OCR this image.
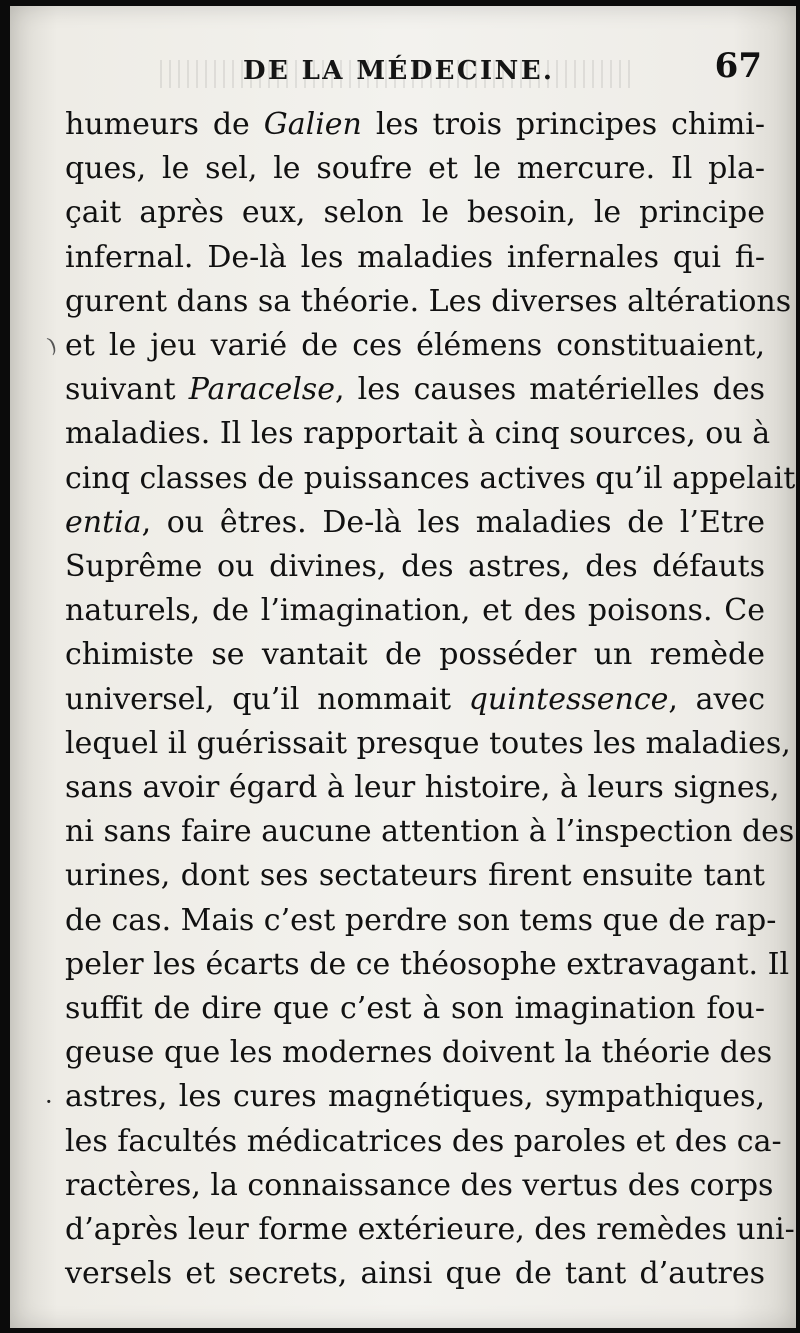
DE LA MÉDECINE.	67
humeurs de Galien les trois principes chimi-
ques, le sel, le soufre et le mercure. Il pla-
çait après eux, selon le besoin, le principe
infernal. De-là les maladies infernales qui fi-
gurent dans sa théorie. Les diverses altérations
et le jeu varié de ces élémens constituaient,
suivant Paracelse, les causes matérielles des
maladies. Il les rapportait à cinq sources, ou à
cinq classes de puissances actives qu’il appelait
entia, ou êtres. De-là les maladies de l’Etre
Suprême ou divines, des astres, des défauts
naturels, de l’imagination, et des poisons. Ce
chimiste se vantait de posséder un remède
universel, qu’il nommait quintessence, avec
lequel il guérissait presque toutes les maladies,
sans avoir égard à leur histoire, à leurs signes,
ni sans faire aucune attention à l’inspection des
urines, dont ses sectateurs firent ensuite tant
de cas. Mais c’est perdre son tems que de rap-
peler les écarts de ce théosophe extravagant. Il
suffit de dire que c’est à son imagination fou-
geuse que les modernes doivent la théorie des
astres, les cures magnétiques, sympathiques,
les facultés médicatrices des paroles et des ca-
ractères, la connaissance des vertus des corps
d’après leur forme extérieure, des remèdes uni-
versels et secrets, ainsi que de tant d’autres
)
·
